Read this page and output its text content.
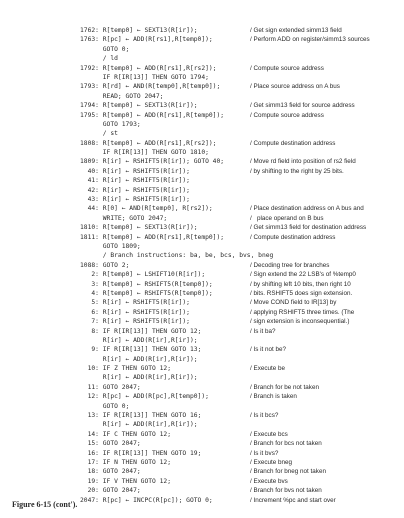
1762: R[temp0] ← SEXT13(R[ir]);	/ Get sign extended simm13 field
1763: R[pc] ← ADD(R[rs1],R[temp0]);	/ Perform ADD on register/simm13 sources
GOTO 0;
/ ld
1792: R[temp0] ← ADD(R[rs1],R[rs2]);	/ Compute source address
IF R[IR[13]] THEN GOTO 1794;
1793: R[rd] ← AND(R[temp0],R[temp0]);	/ Place source address on A bus
READ; GOTO 2047;
1794: R[temp0] ← SEXT13(R[ir]);	/ Get simm13 field for source address
1795: R[temp0] ← ADD(R[rs1],R[temp0]);	/ Compute source address
GOTO 1793;
/ st
1808: R[temp0] ← ADD(R[rs1],R[rs2]);	/ Compute destination address
IF R[IR[13]] THEN GOTO 1810;
1809: R[ir] ← RSHIFT5(R[ir]); GOTO 40;	/ Move rd field into position of rs2 field
40: R[ir] ← RSHIFT5(R[ir]);	/ by shifting to the right by 25 bits.
41: R[ir] ← RSHIFT5(R[ir]);
42: R[ir] ← RSHIFT5(R[ir]);
43: R[ir] ← RSHIFT5(R[ir]);
44: R[0] ← AND(R[temp0], R[rs2]);	/ Place destination address on A bus and
WRITE; GOTO 2047;	/   place operand on B bus
1810: R[temp0] ← SEXT13(R[ir]);	/ Get simm13 field for destination address
1811: R[temp0] ← ADD(R[rs1],R[temp0]);	/ Compute destination address
GOTO 1809;
/ Branch instructions: ba, be, bcs, bvs, bneg
1088: GOTO 2;	/ Decoding tree for branches
2: R[temp0] ← LSHIFT10(R[ir]);	/ Sign extend the 22 LSB's of %temp0
3: R[temp0] ← RSHIFT5(R[temp0]);	/ by shifting left 10 bits, then right 10
4: R[temp0] ← RSHIFT5(R[temp0]);	/ bits. RSHIFT5 does sign extension.
5: R[ir] ← RSHIFT5(R[ir]);	/ Move COND field to IR[13] by
6: R[ir] ← RSHIFT5(R[ir]);	/ applying RSHIFT5 three times. (The
7: R[ir] ← RSHIFT5(R[ir]);	/ sign extension is inconsequential.)
8: IF R[IR[13]] THEN GOTO 12;	/ Is it ba?
R[ir] ← ADD(R[ir],R[ir]);
9: IF R[IR[13]] THEN GOTO 13;	/ Is it not be?
R[ir] ← ADD(R[ir],R[ir]);
10: IF Z THEN GOTO 12;	/ Execute be
R[ir] ← ADD(R[ir],R[ir]);
11: GOTO 2047;	/ Branch for be not taken
12: R[pc] ← ADD(R[pc],R[temp0]);	/ Branch is taken
GOTO 0;
13: IF R[IR[13]] THEN GOTO 16;	/ Is it bcs?
R[ir] ← ADD(R[ir],R[ir]);
14: IF C THEN GOTO 12;	/ Execute bcs
15: GOTO 2047;	/ Branch for bcs not taken
16: IF R[IR[13]] THEN GOTO 19;	/ Is it bvs?
17: IF N THEN GOTO 12;	/ Execute bneg
18: GOTO 2047;	/ Branch for bneg not taken
19: IF V THEN GOTO 12;	/ Execute bvs
20: GOTO 2047;	/ Branch for bvs not taken
2047: R[pc] ← INCPC(R[pc]); GOTO 0;	/ Increment %pc and start over
Figure 6-15 (cont').
